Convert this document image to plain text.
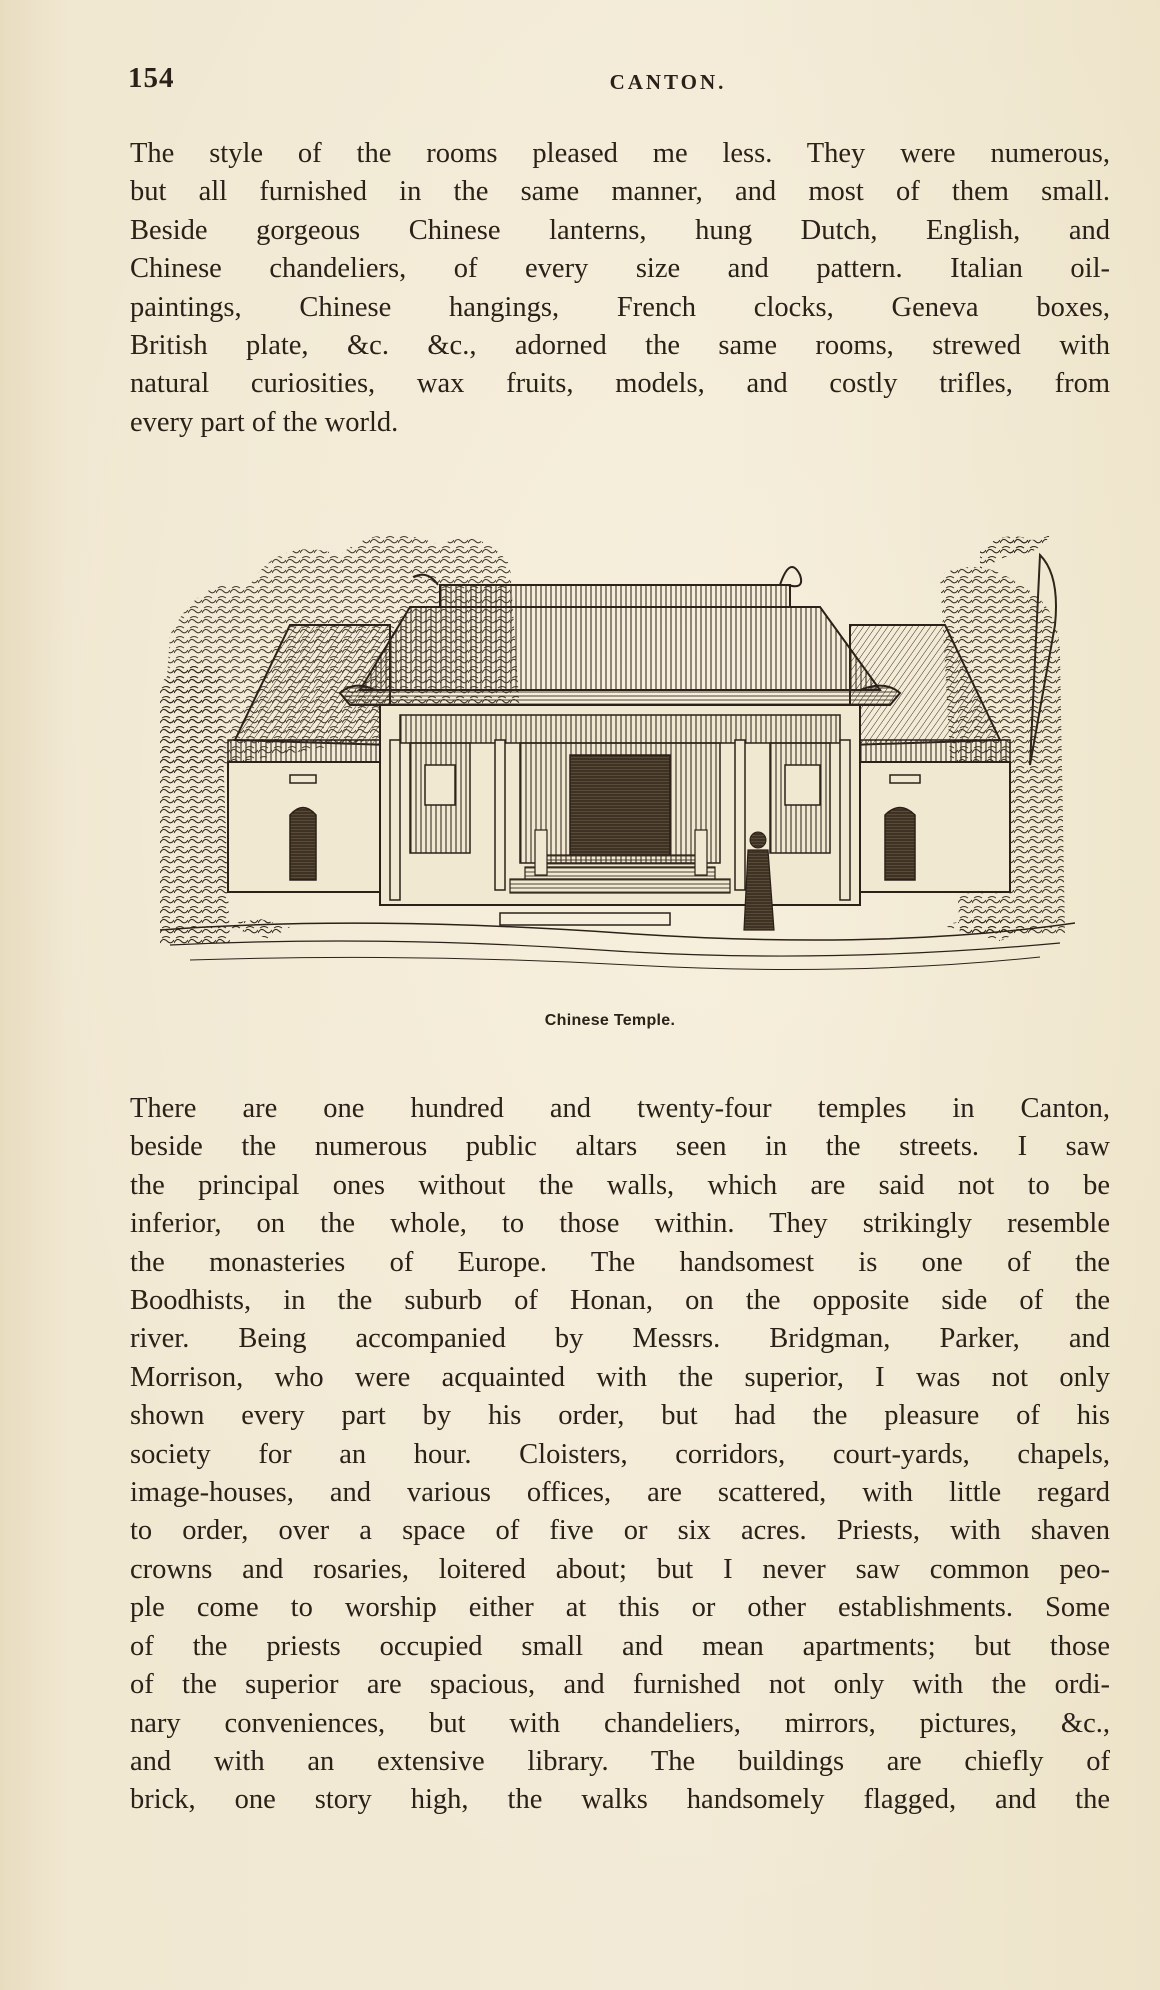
154	CANTON.
The style of the rooms pleased me less. They were numerous,
but all furnished in the same manner, and most of them small.
Beside gorgeous Chinese lanterns, hung Dutch, English, and
Chinese chandeliers, of every size and pattern. Italian oil-
paintings, Chinese hangings, French clocks, Geneva boxes,
British plate, &c. &c., adorned the same rooms, strewed with
natural curiosities, wax fruits, models, and costly trifles, from
every part of the world.
Chinese Temple.
There are one hundred and twenty-four temples in Canton,
beside the numerous public altars seen in the streets. I saw
the principal ones without the walls, which are said not to be
inferior, on the whole, to those within. They strikingly resemble
the monasteries of Europe. The handsomest is one of the
Boodhists, in the suburb of Honan, on the opposite side of the
river. Being accompanied by Messrs. Bridgman, Parker, and
Morrison, who were acquainted with the superior, I was not only
shown every part by his order, but had the pleasure of his
society for an hour. Cloisters, corridors, court-yards, chapels,
image-houses, and various offices, are scattered, with little regard
to order, over a space of five or six acres. Priests, with shaven
crowns and rosaries, loitered about; but I never saw common peo-
ple come to worship either at this or other establishments. Some
of the priests occupied small and mean apartments; but those
of the superior are spacious, and furnished not only with the ordi-
nary conveniences, but with chandeliers, mirrors, pictures, &c.,
and with an extensive library. The buildings are chiefly of
brick, one story high, the walks handsomely flagged, and the
